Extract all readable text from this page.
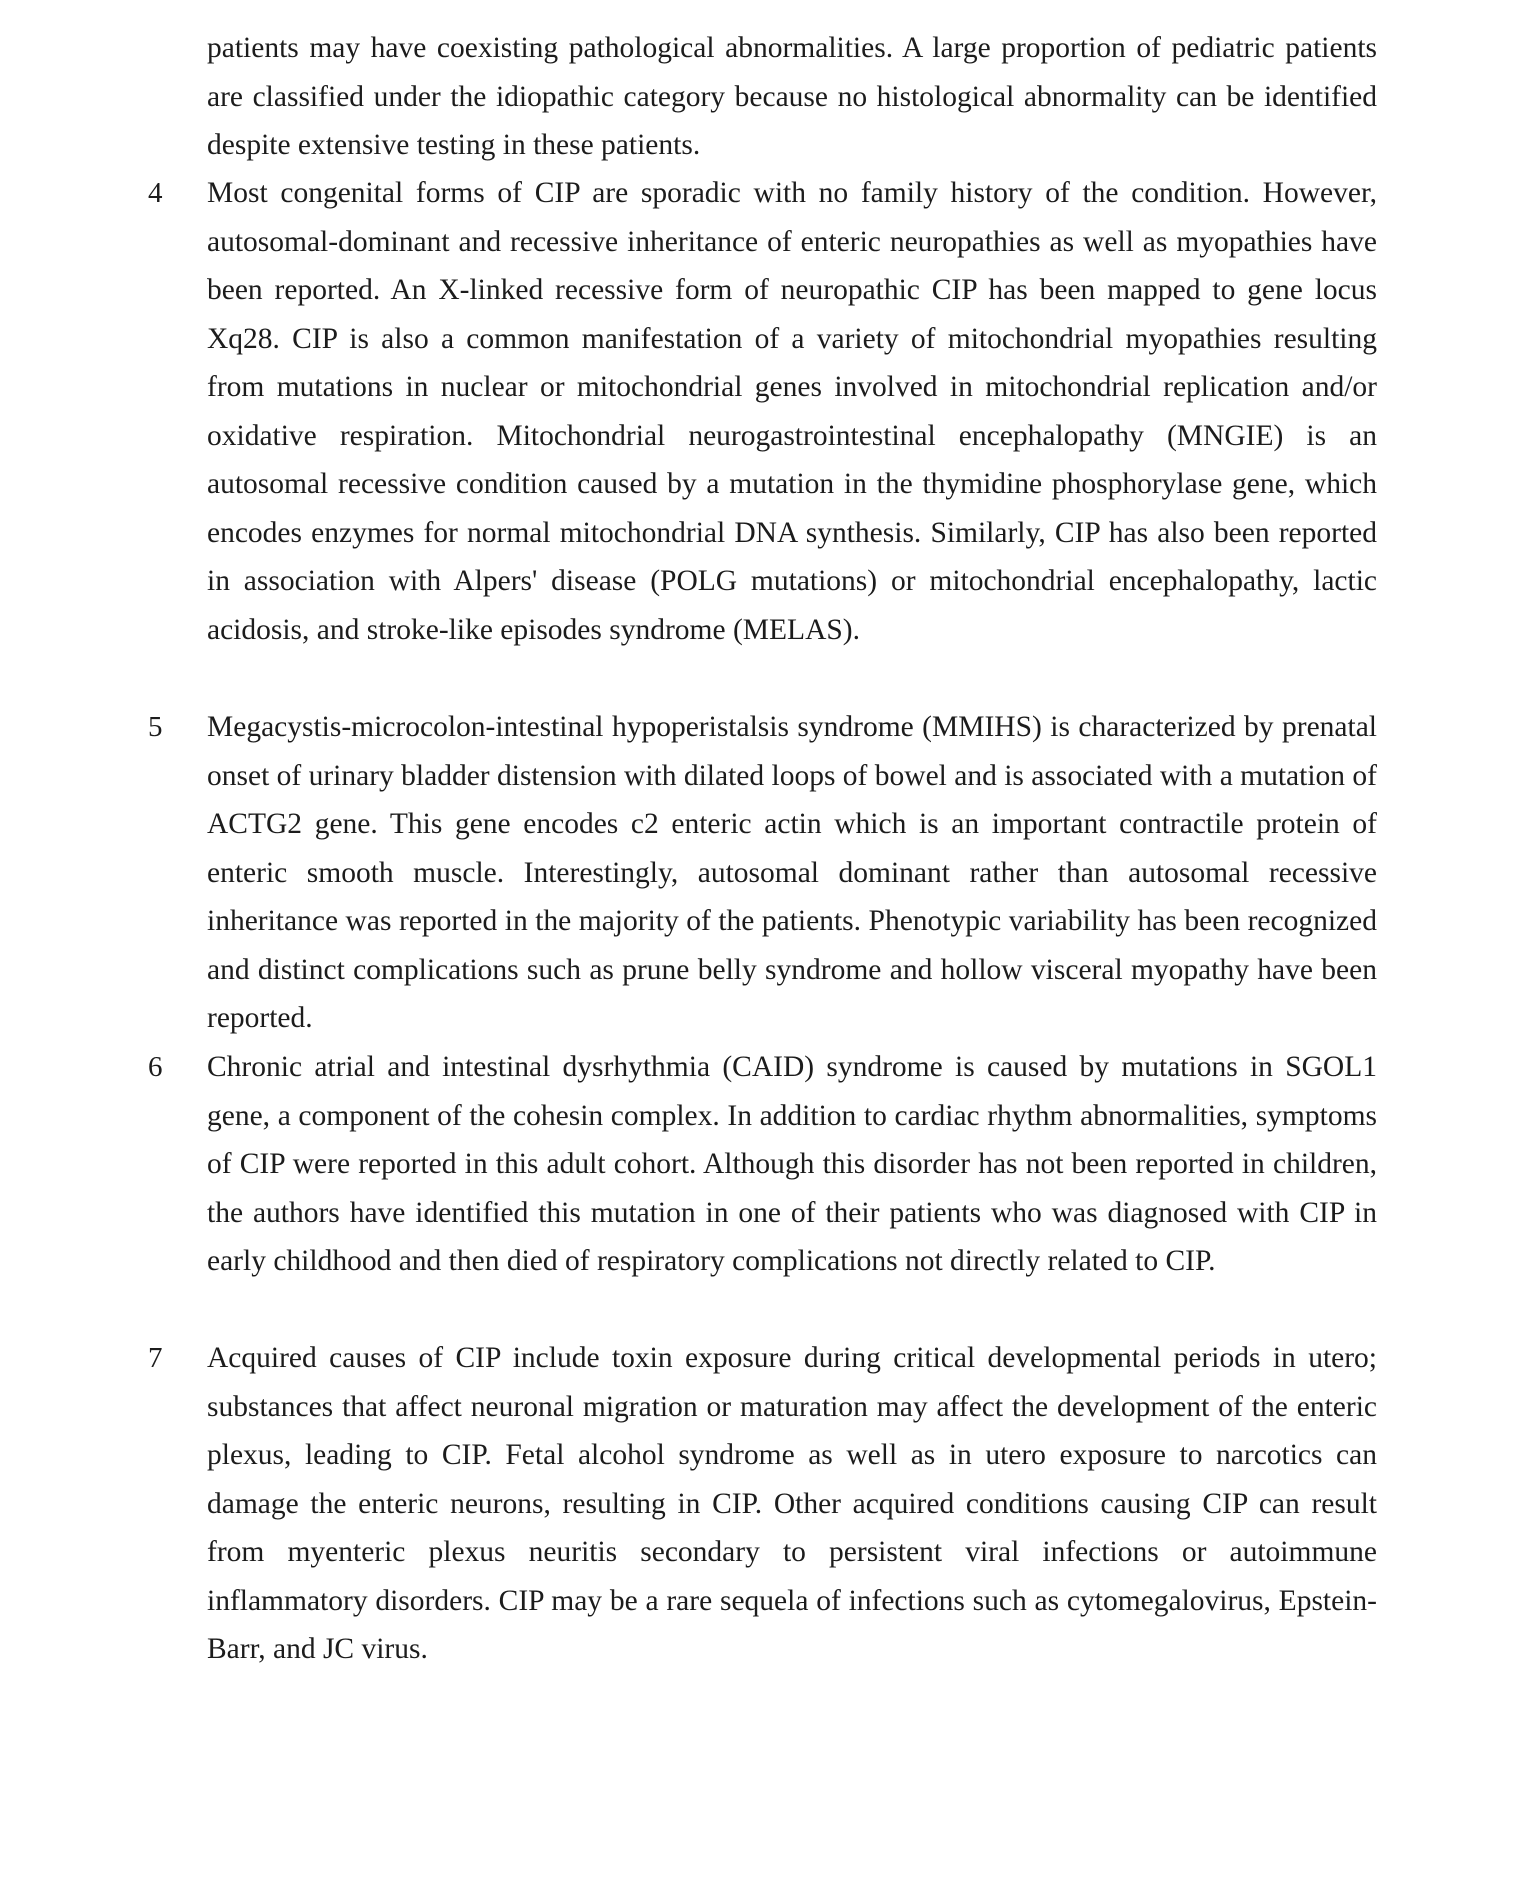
patients may have coexisting pathological abnormalities. A large proportion of pediatric patients are classified under the idiopathic category because no histological abnormality can be identified despite extensive testing in these patients.
4 Most congenital forms of CIP are sporadic with no family history of the condition. However, autosomal-dominant and recessive inheritance of enteric neuropathies as well as myopathies have been reported. An X-linked recessive form of neuropathic CIP has been mapped to gene locus Xq28. CIP is also a common manifestation of a variety of mitochondrial myopathies resulting from mutations in nuclear or mitochondrial genes involved in mitochondrial replication and/or oxidative respiration. Mitochondrial neurogastrointestinal encephalopathy (MNGIE) is an autosomal recessive condition caused by a mutation in the thymidine phosphorylase gene, which encodes enzymes for normal mitochondrial DNA synthesis. Similarly, CIP has also been reported in association with Alpers' disease (POLG mutations) or mitochondrial encephalopathy, lactic acidosis, and stroke-like episodes syndrome (MELAS).
5 Megacystis-microcolon-intestinal hypoperistalsis syndrome (MMIHS) is characterized by prenatal onset of urinary bladder distension with dilated loops of bowel and is associated with a mutation of ACTG2 gene. This gene encodes c2 enteric actin which is an important contractile protein of enteric smooth muscle. Interestingly, autosomal dominant rather than autosomal recessive inheritance was reported in the majority of the patients. Phenotypic variability has been recognized and distinct complications such as prune belly syndrome and hollow visceral myopathy have been reported.
6 Chronic atrial and intestinal dysrhythmia (CAID) syndrome is caused by mutations in SGOL1 gene, a component of the cohesin complex. In addition to cardiac rhythm abnormalities, symptoms of CIP were reported in this adult cohort. Although this disorder has not been reported in children, the authors have identified this mutation in one of their patients who was diagnosed with CIP in early childhood and then died of respiratory complications not directly related to CIP.
7 Acquired causes of CIP include toxin exposure during critical developmental periods in utero; substances that affect neuronal migration or maturation may affect the development of the enteric plexus, leading to CIP. Fetal alcohol syndrome as well as in utero exposure to narcotics can damage the enteric neurons, resulting in CIP. Other acquired conditions causing CIP can result from myenteric plexus neuritis secondary to persistent viral infections or autoimmune inflammatory disorders. CIP may be a rare sequela of infections such as cytomegalovirus, Epstein-Barr, and JC virus.
